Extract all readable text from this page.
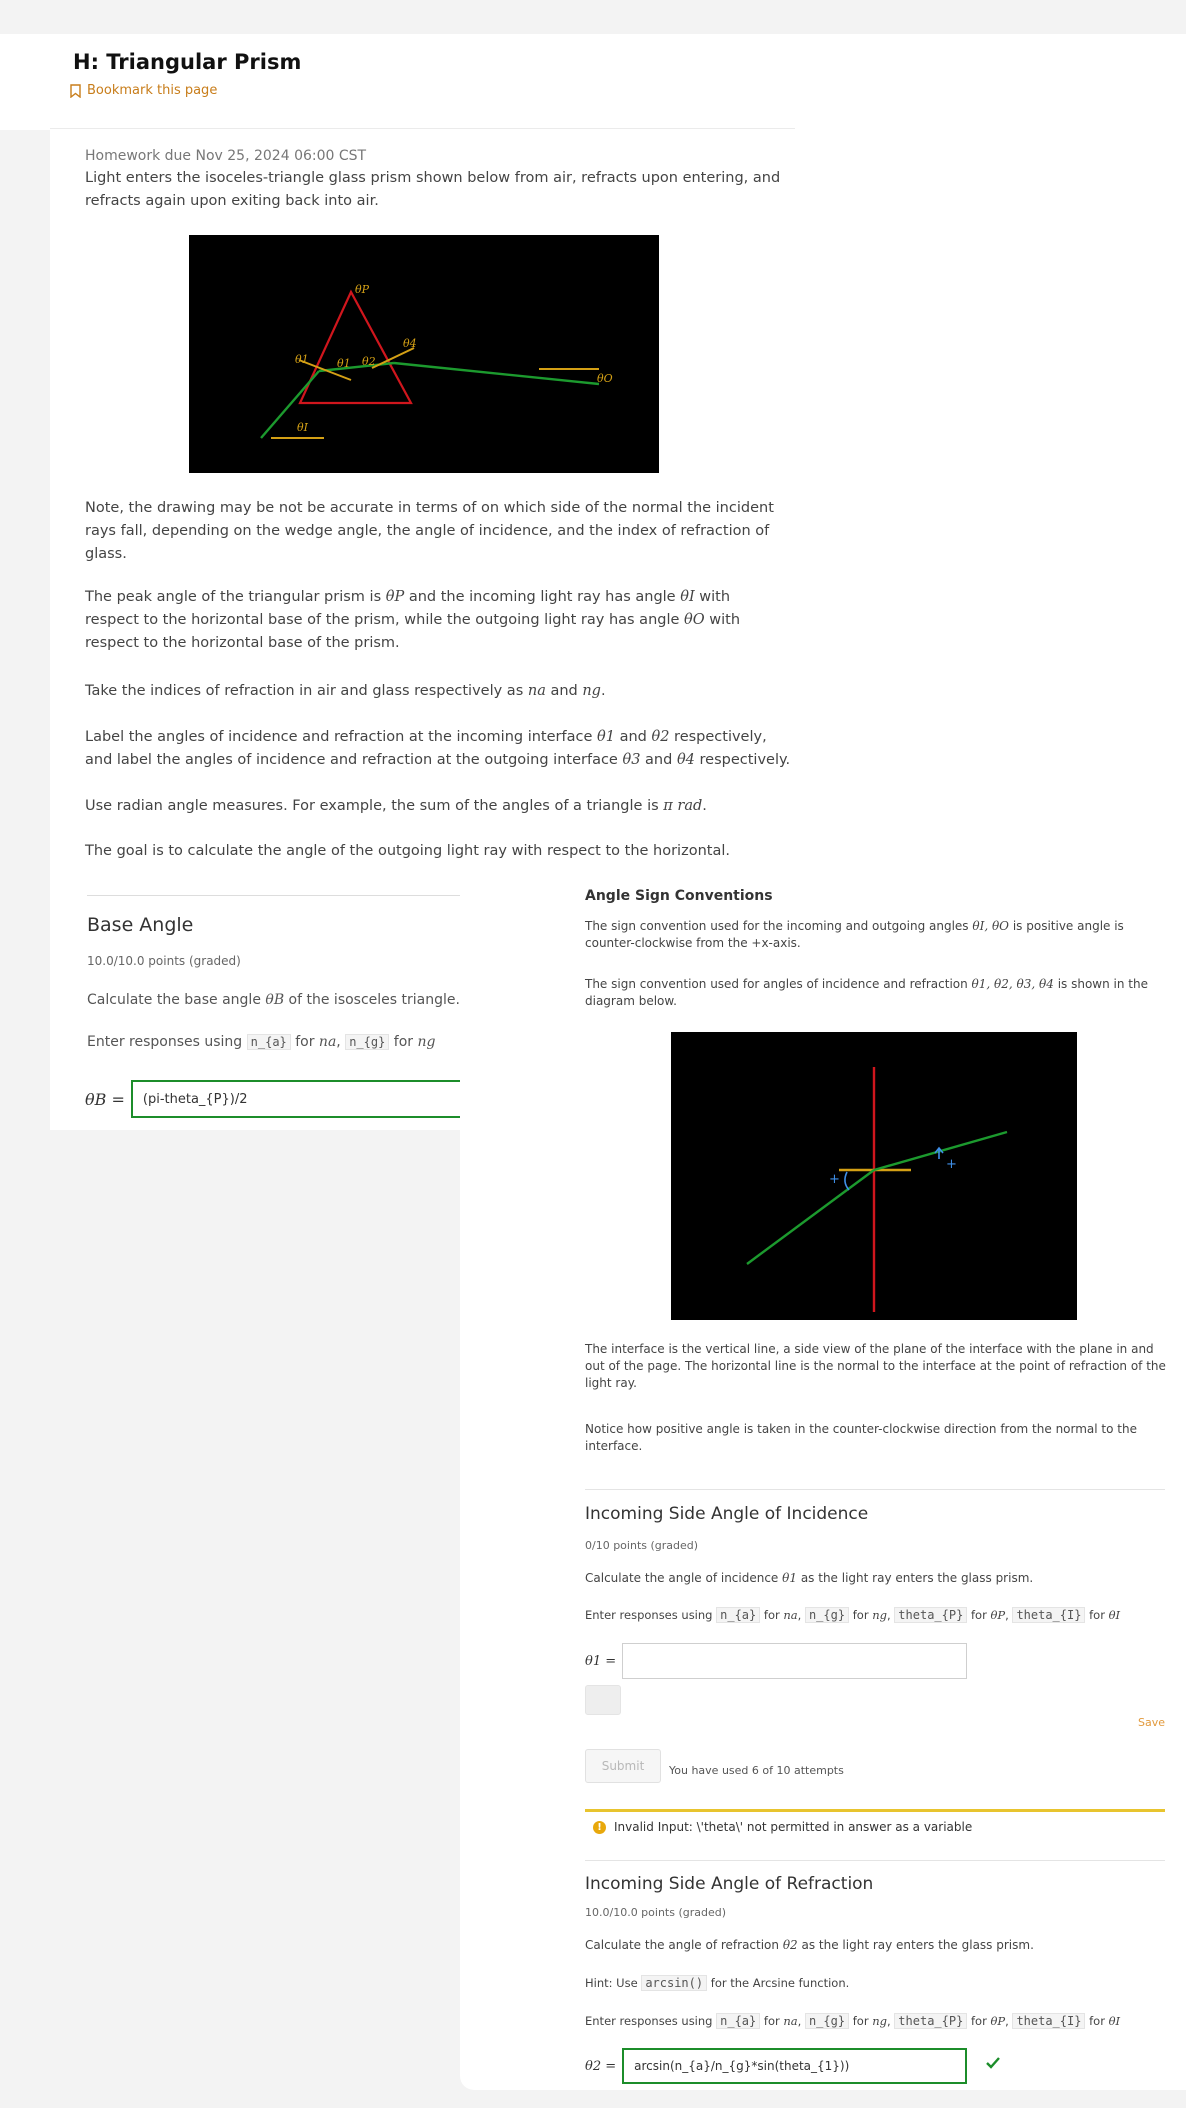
H: Triangular Prism
Bookmark this page
Homework due Nov 25, 2024 06:00 CST
Light enters the isoceles-triangle glass prism shown below from air, refracts upon entering, and
refracts again upon exiting back into air.
θP
θ1	θ1 θ2
θ4
θO
θI
Note, the drawing may be not be accurate in terms of on which side of the normal the incident
rays fall, depending on the wedge angle, the angle of incidence, and the index of refraction of
glass.
The peak angle of the triangular prism is θP and the incoming light ray has angle θI with
respect to the horizontal base of the prism, while the outgoing light ray has angle θO with
respect to the horizontal base of the prism.
Take the indices of refraction in air and glass respectively as na and ng.
Label the angles of incidence and refraction at the incoming interface θ1 and θ2 respectively,
and label the angles of incidence and refraction at the outgoing interface θ3 and θ4 respectively.
Use radian angle measures. For example, the sum of the angles of a triangle is π rad.
The goal is to calculate the angle of the outgoing light ray with respect to the horizontal.
Base Angle
10.0/10.0 points (graded)
Calculate the base angle θB of the isosceles triangle.
Enter responses using n_{a} for na, n_{g} for ng
θB =	(pi-theta_{P})/2
Angle Sign Conventions
The sign convention used for the incoming and outgoing angles θI, θO is positive angle is
counter-clockwise from the +x-axis.
The sign convention used for angles of incidence and refraction θ1, θ2, θ3, θ4 is shown in the
diagram below.
+
+
The interface is the vertical line, a side view of the plane of the interface with the plane in and
out of the page. The horizontal line is the normal to the interface at the point of refraction of the
light ray.
Notice how positive angle is taken in the counter-clockwise direction from the normal to the
interface.
Incoming Side Angle of Incidence
0/10 points (graded)
Calculate the angle of incidence θ1 as the light ray enters the glass prism.
Enter responses using n_{a} for na, n_{g} for ng, theta_{P} for θP, theta_{I} for θI
θ1 =
Save
Submit	You have used 6 of 10 attempts
!	Invalid Input: \'theta\' not permitted in answer as a variable
Incoming Side Angle of Refraction
10.0/10.0 points (graded)
Calculate the angle of refraction θ2 as the light ray enters the glass prism.
Hint: Use arcsin() for the Arcsine function.
Enter responses using n_{a} for na, n_{g} for ng, theta_{P} for θP, theta_{I} for θI
θ2 =	arcsin(n_{a}/n_{g}*sin(theta_{1}))
